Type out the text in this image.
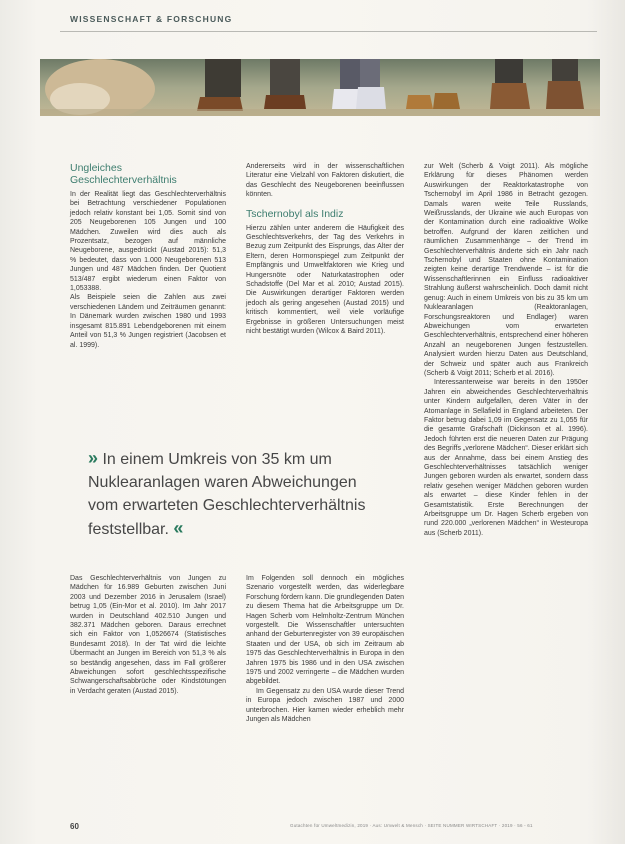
WISSENSCHAFT & FORSCHUNG
Ungleiches Geschlechterverhältnis

In der Realität liegt das Geschlechterverhältnis bei Betrachtung verschiedener Populationen jedoch relativ konstant bei 1,05. Somit sind von 205 Neugeborenen 105 Jungen und 100 Mädchen. Zuweilen wird dies auch als Prozentsatz, bezogen auf männliche Neugeborene, ausgedrückt (Austad 2015): 51,3 % bedeutet, dass von 1.000 Neugeborenen 513 Jungen und 487 Mädchen finden. Der Quotient 513/487 ergibt wiederum einen Faktor von 1,053388.

Als Beispiele seien die Zahlen aus zwei verschiedenen Ländern und Zeiträumen genannt: In Dänemark wurden zwischen 1980 und 1993 insgesamt 815.891 Lebendgeborenen mit einem Anteil von 51,3 % Jungen registriert (Jacobsen et al. 1999).

Andererseits wird in der wissenschaftlichen Literatur eine Vielzahl von Faktoren diskutiert, die das Geschlecht des Neugeborenen beeinflussen könnten.

Tschernobyl als Indiz

Hierzu zählen unter anderem die Häufigkeit des Geschlechtsverkehrs, der Tag des Verkehrs in Bezug zum Zeitpunkt des Eisprungs, das Alter der Eltern, deren Hormonspiegel zum Zeitpunkt der Empfängnis und Umweltfaktoren wie Krieg und Hungersnöte oder Naturkatastrophen oder Schadstoffe (Del Mar et al. 2010; Austad 2015). Die Auswirkungen derartiger Faktoren werden jedoch als gering angesehen (Austad 2015) und kritisch kommentiert, weil viele vorläufige Ergebnisse in größeren Untersuchungen meist nicht bestätigt wurden (Wilcox & Baird 2011).

zur Welt (Scherb & Voigt 2011). Als mögliche Erklärung für dieses Phänomen werden Auswirkungen der Reaktorkatastrophe von Tschernobyl im April 1986 in Betracht gezogen. Damals waren weite Teile Russlands, Weißrusslands, der Ukraine wie auch Europas von der Kontamination durch eine radioaktive Wolke betroffen. Aufgrund der klaren zeitlichen und räumlichen Zusammenhänge – der Trend im Geschlechterverhältnis änderte sich ein Jahr nach Tschernobyl und Staaten ohne Kontamination zeigten keine derartige Trendwende – ist für die Wissenschaftlerinnen ein Einfluss radioaktiver Strahlung äußerst wahrscheinlich. Doch damit nicht genug: Auch in einem Umkreis von bis zu 35 km um Nuklearanlagen (Reaktoranlagen, Forschungsreaktoren und Endlager) waren Abweichungen vom erwarteten Geschlechterverhältnis, entsprechend einer höheren Anzahl an neugeborenen Jungen festzustellen. Analysiert wurden hierzu Daten aus Deutschland, der Schweiz und später auch aus Frankreich (Scherb & Voigt 2011; Scherb et al. 2016).

Interessanterweise war bereits in den 1950er Jahren ein abweichendes Geschlechterverhältnis unter Kindern aufgefallen, deren Väter in der Atomanlage in Sellafield in England arbeiteten. Der Faktor betrug dabei 1,09 im Gegensatz zu 1,055 für die gesamte Grafschaft (Dickinson et al. 1996). Jedoch führten erst die neueren Daten zur Prägung des Begriffs „verlorene Mädchen“. Dieser erklärt sich aus der Annahme, dass bei einem Anstieg des Geschlechterverhältnisses tatsächlich weniger Jungen geboren wurden als erwartet, sondern dass relativ gesehen weniger Mädchen geboren wurden als erwartet – diese Kinder fehlen in der Gesamtstatistik. Erste Berechnungen der Arbeitsgruppe um Dr. Hagen Scherb ergeben von rund 220.000 „verlorenen Mädchen“ in Westeuropa aus (Scherb 2011).

» In einem Umkreis von 35 km um Nuklearanlagen waren Abweichungen vom erwarteten Geschlechterverhältnis feststellbar. «

Das Geschlechterverhältnis von Jungen zu Mädchen für 16.989 Geburten zwischen Juni 2003 und Dezember 2016 in Jerusalem (Israel) betrug 1,05 (Ein-Mor et al. 2010). Im Jahr 2017 wurden in Deutschland 402.510 Jungen und 382.371 Mädchen geboren. Daraus errechnet sich ein Faktor von 1,0526674 (Statistisches Bundesamt 2018). In der Tat wird die leichte Übermacht an Jungen im Bereich von 51,3 % als so beständig angesehen, dass im Fall größerer Abweichungen sofort geschlechtsspezifische Schwangerschaftsabbrüche oder Kindstötungen in Verdacht geraten (Austad 2015).

Im Folgenden soll dennoch ein mögliches Szenario vorgestellt werden, das widerlegbare Forschung fördern kann. Die grundlegenden Daten zu diesem Thema hat die Arbeitsgruppe um Dr. Hagen Scherb vom Helmholtz-Zentrum München vorgestellt. Die Wissenschaftler untersuchten anhand der Geburtenregister von 39 europäischen Staaten und der USA, ob sich im Zeitraum ab 1975 das Geschlechterverhältnis in Europa in den Jahren 1975 bis 1986 und in den USA zwischen 1975 und 2002 verringerte – die Mädchen wurden abgebildet.

Im Gegensatz zu den USA wurde dieser Trend in Europa jedoch zwischen 1987 und 2000 unterbrochen. Hier kamen wieder erheblich mehr Jungen als Mädchen

60	Gutachten für Umweltmedizin, 2019 · Aus: Umwelt & Mensch · SEITE NUMMER WIRTSCHAFT · 2019 · 56 - 61
